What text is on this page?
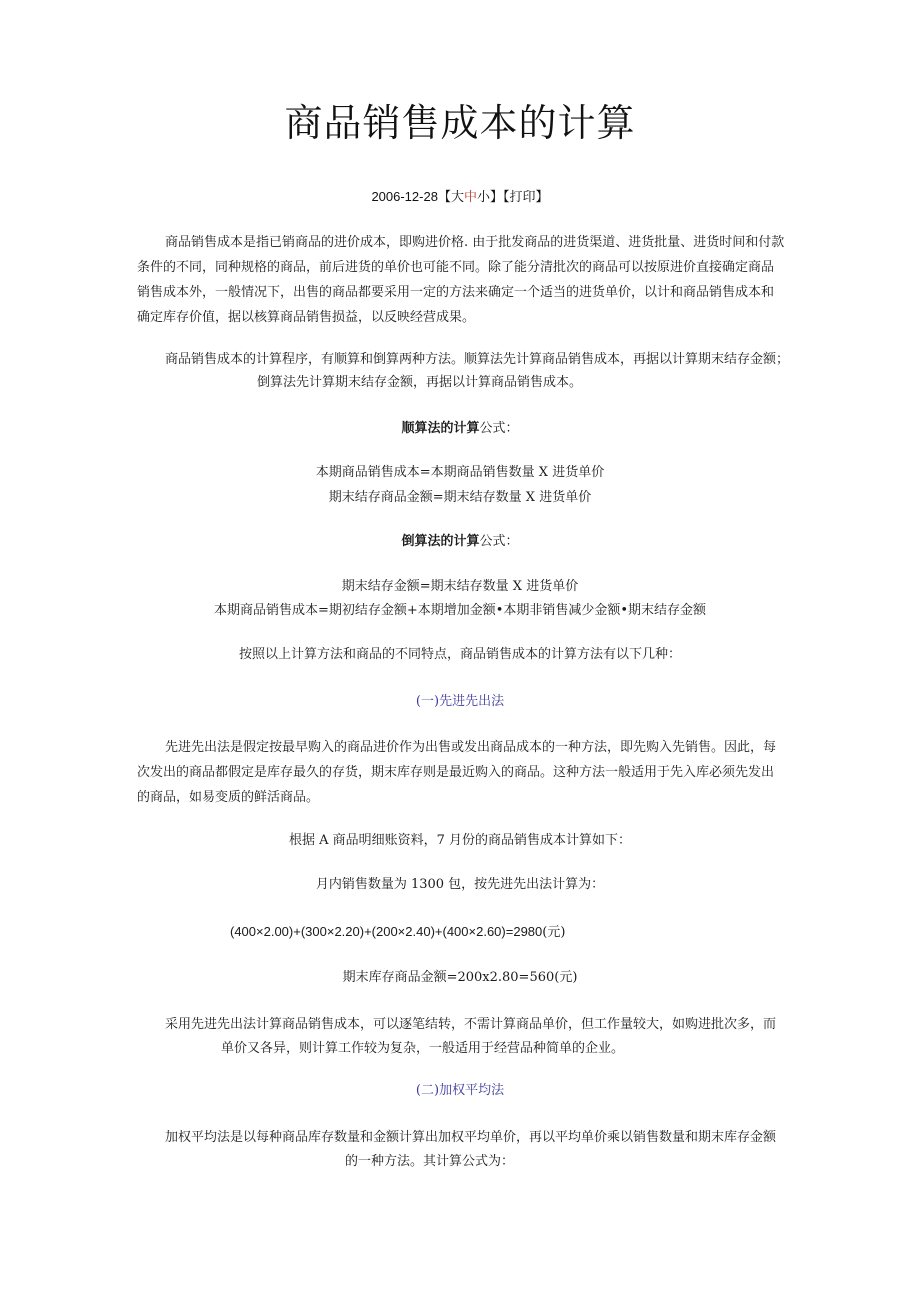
商品销售成本的计算
2006-12-28【大中小】【打印】
商品销售成本是指已销商品的进价成本，即购进价格. 由于批发商品的进货渠道、进货批量、进货时间和付款
条件的不同，同种规格的商品，前后进货的单价也可能不同。除了能分清批次的商品可以按原进价直接确定商品
销售成本外，一般情况下，出售的商品都要采用一定的方法来确定一个适当的进货单价，以计和商品销售成本和
确定库存价值，据以核算商品销售损益，以反映经营成果。
商品销售成本的计算程序，有顺算和倒算两种方法。顺算法先计算商品销售成本，再据以计算期末结存金额；
倒算法先计算期末结存金额，再据以计算商品销售成本。
顺算法的计算公式：
本期商品销售成本=本期商品销售数量 X 进货单价
期末结存商品金额=期末结存数量 X 进货单价
倒算法的计算公式：
期末结存金额=期末结存数量 X 进货单价
本期商品销售成本=期初结存金额+本期增加金额•本期非销售减少金额•期末结存金额
按照以上计算方法和商品的不同特点，商品销售成本的计算方法有以下几种：
(一)先进先出法
先进先出法是假定按最早购入的商品进价作为出售或发出商品成本的一种方法，即先购入先销售。因此，每
次发出的商品都假定是库存最久的存货，期末库存则是最近购入的商品。这种方法一般适用于先入库必须先发出
的商品，如易变质的鲜活商品。
根据 A 商品明细账资料，7 月份的商品销售成本计算如下：
月内销售数量为 1300 包，按先进先出法计算为：
(400×2.00)+(300×2.20)+(200×2.40)+(400×2.60)=2980(元)
期末库存商品金额=200x2.80=560(元)
采用先进先出法计算商品销售成本，可以逐笔结转，不需计算商品单价，但工作量较大，如购进批次多，而
单价又各异，则计算工作较为复杂，一般适用于经营品种简单的企业。
(二)加权平均法
加权平均法是以每种商品库存数量和金额计算出加权平均单价，再以平均单价乘以销售数量和期末库存金额
的一种方法。其计算公式为：
